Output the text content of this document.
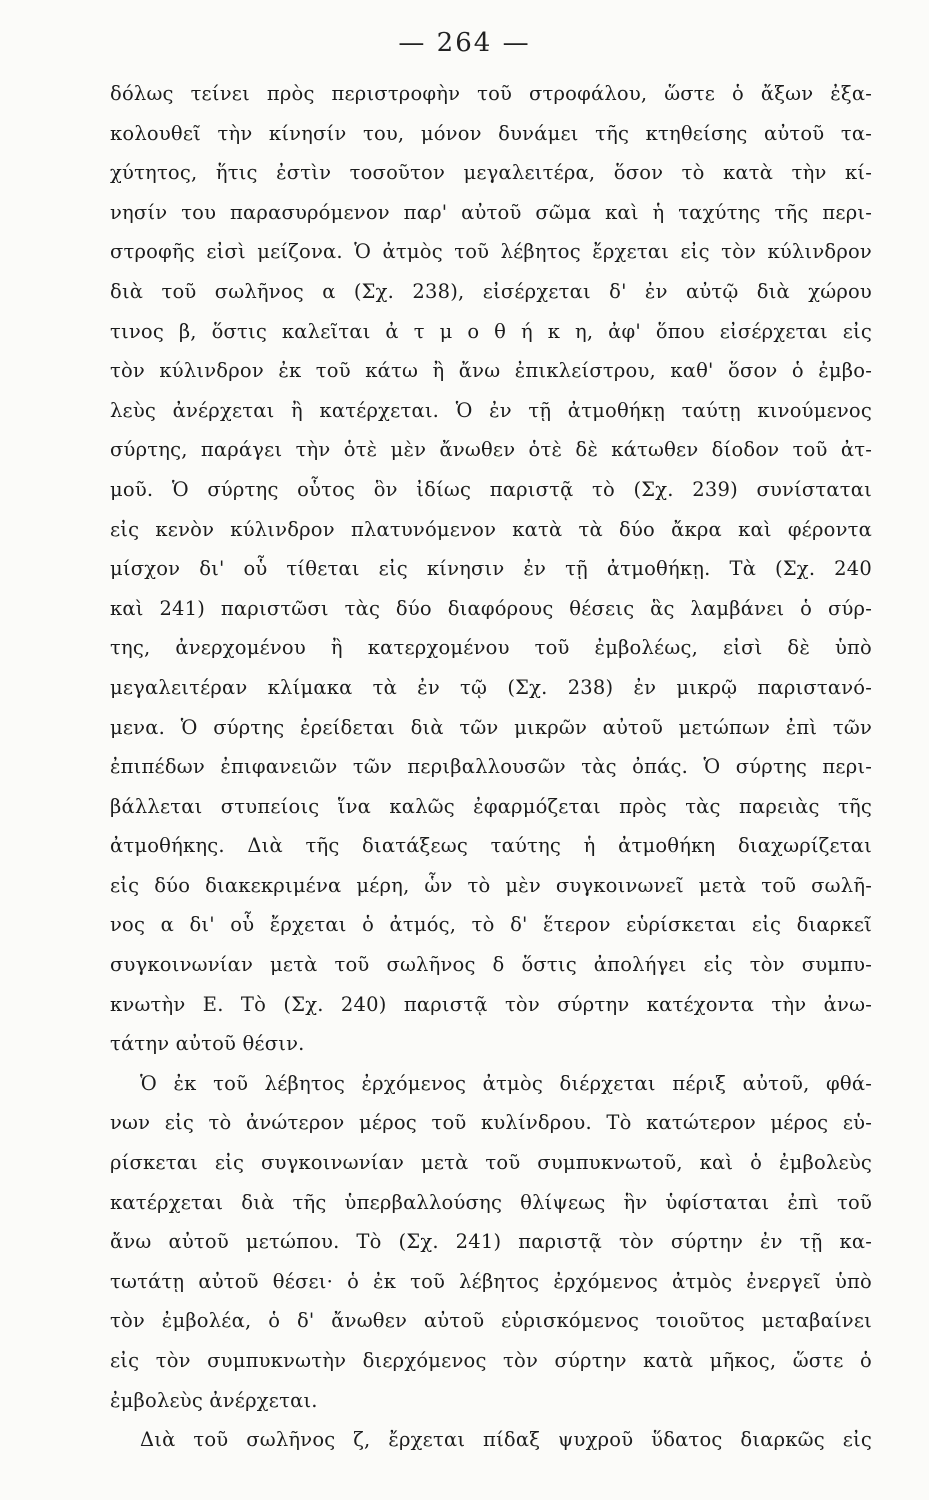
— 264 —
δόλως τείνει πρὸς περιστροφὴν τοῦ στροφάλου, ὥστε ὁ ἄξων ἐξα-
κολουθεῖ τὴν κίνησίν του, μόνον δυνάμει τῆς κτηθείσης αὐτοῦ τα-
χύτητος, ἥτις ἐστὶν τοσοῦτον μεγαλειτέρα, ὅσον τὸ κατὰ τὴν κί-
νησίν του παρασυρόμενον παρ' αὐτοῦ σῶμα καὶ ἡ ταχύτης τῆς περι-
στροφῆς εἰσὶ μείζονα. Ὁ ἀτμὸς τοῦ λέβητος ἔρχεται εἰς τὸν κύλινδρον
διὰ τοῦ σωλῆνος α (Σχ. 238), εἰσέρχεται δ' ἐν αὐτῷ διὰ χώρου
τινος β, ὅστις καλεῖται ἀ τ μ ο θ ή κ η, ἀφ' ὅπου εἰσέρχεται εἰς
τὸν κύλινδρον ἐκ τοῦ κάτω ἢ ἄνω ἐπικλείστρου, καθ' ὅσον ὁ ἐμβο-
λεὺς ἀνέρχεται ἢ κατέρχεται. Ὁ ἐν τῇ ἀτμοθήκῃ ταύτῃ κινούμενος
σύρτης, παράγει τὴν ὁτὲ μὲν ἄνωθεν ὁτὲ δὲ κάτωθεν δίοδον τοῦ ἀτ-
μοῦ. Ὁ σύρτης οὗτος ὃν ἰδίως παριστᾷ τὸ (Σχ. 239) συνίσταται
εἰς κενὸν κύλινδρον πλατυνόμενον κατὰ τὰ δύο ἄκρα καὶ φέροντα
μίσχον δι' οὗ τίθεται εἰς κίνησιν ἐν τῇ ἀτμοθήκῃ. Τὰ (Σχ. 240
καὶ 241) παριστῶσι τὰς δύο διαφόρους θέσεις ἃς λαμβάνει ὁ σύρ-
της, ἀνερχομένου ἢ κατερχομένου τοῦ ἐμβολέως, εἰσὶ δὲ ὑπὸ
μεγαλειτέραν κλίμακα τὰ ἐν τῷ (Σχ. 238) ἐν μικρῷ παριστανό-
μενα. Ὁ σύρτης ἐρείδεται διὰ τῶν μικρῶν αὐτοῦ μετώπων ἐπὶ τῶν
ἐπιπέδων ἐπιφανειῶν τῶν περιβαλλουσῶν τὰς ὀπάς. Ὁ σύρτης περι-
βάλλεται στυπείοις ἵνα καλῶς ἐφαρμόζεται πρὸς τὰς παρειὰς τῆς
ἀτμοθήκης. Διὰ τῆς διατάξεως ταύτης ἡ ἀτμοθήκη διαχωρίζεται
εἰς δύο διακεκριμένα μέρη, ὧν τὸ μὲν συγκοινωνεῖ μετὰ τοῦ σωλῆ-
νος α δι' οὗ ἔρχεται ὁ ἀτμός, τὸ δ' ἕτερον εὑρίσκεται εἰς διαρκεῖ
συγκοινωνίαν μετὰ τοῦ σωλῆνος δ ὅστις ἀπολήγει εἰς τὸν συμπυ-
κνωτὴν Ε. Τὸ (Σχ. 240) παριστᾷ τὸν σύρτην κατέχοντα τὴν ἀνω-
τάτην αὐτοῦ θέσιν.
Ὁ ἐκ τοῦ λέβητος ἐρχόμενος ἀτμὸς διέρχεται πέριξ αὐτοῦ, φθά-
νων εἰς τὸ ἀνώτερον μέρος τοῦ κυλίνδρου. Τὸ κατώτερον μέρος εὑ-
ρίσκεται εἰς συγκοινωνίαν μετὰ τοῦ συμπυκνωτοῦ, καὶ ὁ ἐμβολεὺς
κατέρχεται διὰ τῆς ὑπερβαλλούσης θλίψεως ἣν ὑφίσταται ἐπὶ τοῦ
ἄνω αὐτοῦ μετώπου. Τὸ (Σχ. 241) παριστᾷ τὸν σύρτην ἐν τῇ κα-
τωτάτῃ αὐτοῦ θέσει· ὁ ἐκ τοῦ λέβητος ἐρχόμενος ἀτμὸς ἐνεργεῖ ὑπὸ
τὸν ἐμβολέα, ὁ δ' ἄνωθεν αὐτοῦ εὑρισκόμενος τοιοῦτος μεταβαίνει
εἰς τὸν συμπυκνωτὴν διερχόμενος τὸν σύρτην κατὰ μῆκος, ὥστε ὁ
ἐμβολεὺς ἀνέρχεται.
Διὰ τοῦ σωλῆνος ζ, ἔρχεται πίδαξ ψυχροῦ ὕδατος διαρκῶς εἰς
